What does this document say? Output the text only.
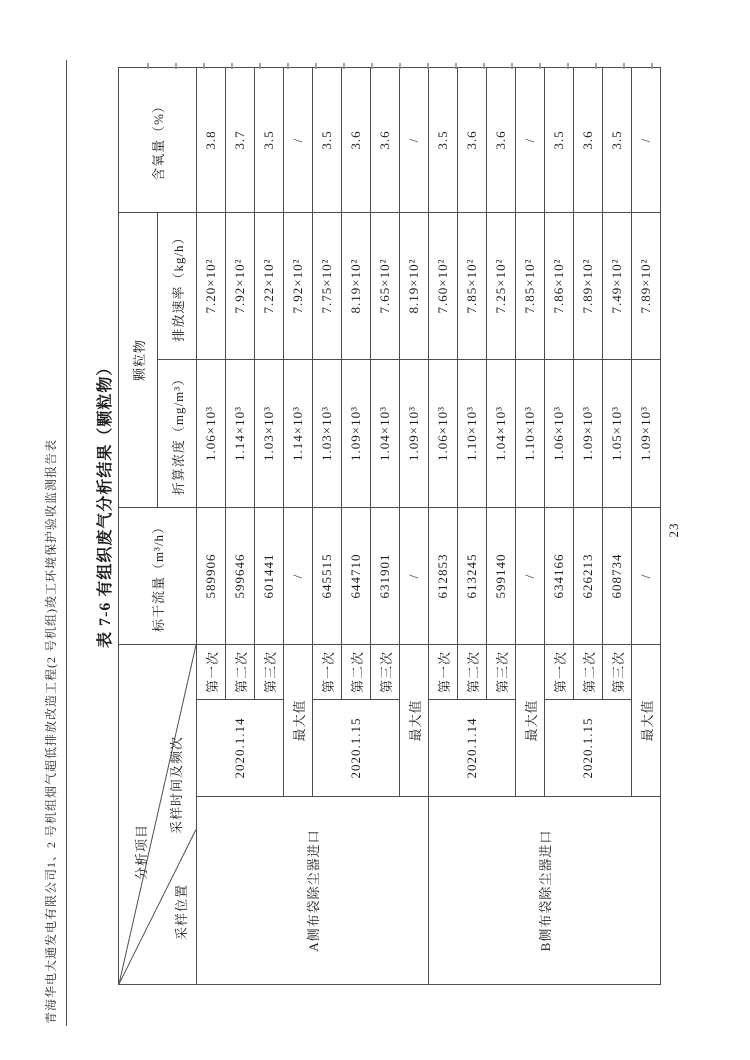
青海华电大通发电有限公司1、2 号机组烟气超低排放改造工程(2 号机组)竣工环境保护验收监测报告表	表 7-6 有组织废气分析结果（颗粒物）
分析项目
采样时间及频次
采样位置			标干流量（m³/h）	颗粒物		含氧量（%）
				折算浓度（mg/m³）	排放速率（kg/h）	
A侧布袋除尘器进口	2020.1.14	第一次	589906	1.06×10³	7.20×10²	3.8
		第二次	599646	1.14×10³	7.92×10²	3.7
		第三次	601441	1.03×10³	7.22×10²	3.5
	最大值		/	1.14×10³	7.92×10²	/
	2020.1.15	第一次	645515	1.03×10³	7.75×10²	3.5
		第二次	644710	1.09×10³	8.19×10²	3.6
		第三次	631901	1.04×10³	7.65×10²	3.6
	最大值		/	1.09×10³	8.19×10²	/
B侧布袋除尘器进口	2020.1.14	第一次	612853	1.06×10³	7.60×10²	3.5
		第二次	613245	1.10×10³	7.85×10²	3.6
		第三次	599140	1.04×10³	7.25×10²	3.6
	最大值		/	1.10×10³	7.85×10²	/
	2020.1.15	第一次	634166	1.06×10³	7.86×10²	3.5
		第二次	626213	1.09×10³	7.89×10²	3.6
		第三次	608734	1.05×10³	7.49×10²	3.5
	最大值		/	1.09×10³	7.89×10²	/
23
